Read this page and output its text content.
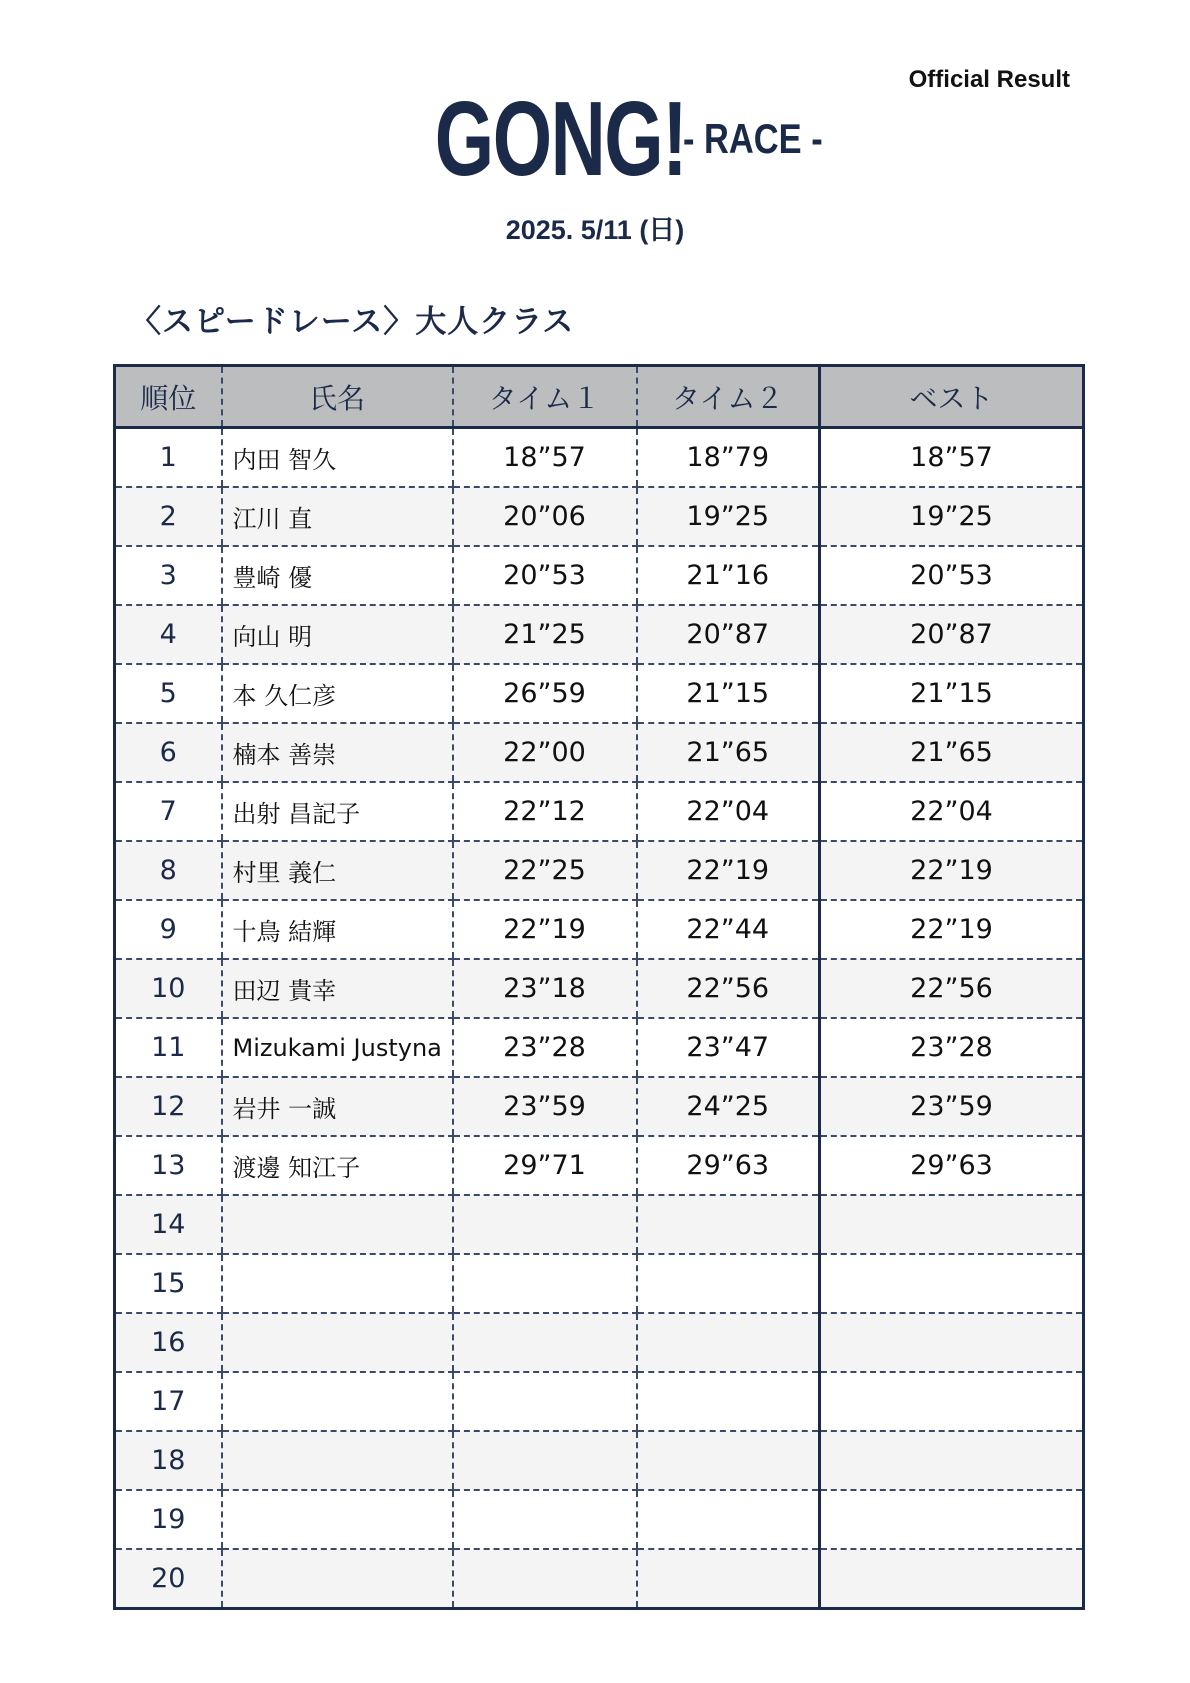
Official Result
GONG! - RACE -
2025. 5/11 (日)
〈スピードレース〉大人クラス
順位	氏名	タイム１	タイム２	ベスト
1	内田 智久	18”57	18”79	18”57
2	江川 直	20”06	19”25	19”25
3	豊崎 優	20”53	21”16	20”53
4	向山 明	21”25	20”87	20”87
5	本 久仁彦	26”59	21”15	21”15
6	楠本 善崇	22”00	21”65	21”65
7	出射 昌記子	22”12	22”04	22”04
8	村里 義仁	22”25	22”19	22”19
9	十鳥 結輝	22”19	22”44	22”19
10	田辺 貴幸	23”18	22”56	22”56
11	Mizukami Justyna	23”28	23”47	23”28
12	岩井 一誠	23”59	24”25	23”59
13	渡邊 知江子	29”71	29”63	29”63
14				
15				
16				
17				
18				
19				
20				
